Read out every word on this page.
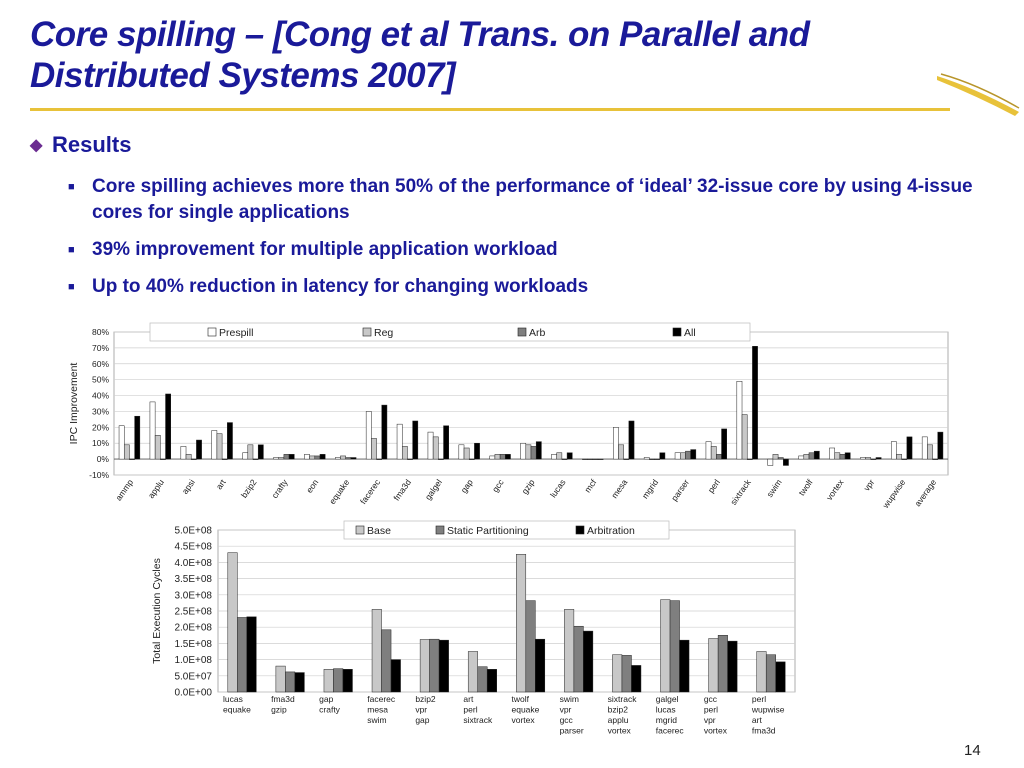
Core spilling – [Cong et al Trans. on Parallel and Distributed Systems 2007]
◆ Results
■ Core spilling achieves more than 50% of the performance of ‘ideal’ 32-issue core by using 4-issue cores for single applications
■ 39% improvement for multiple application workload
■ Up to 40% reduction in latency for changing workloads
-10%
0%
10%
20%
30%
40%
50%
60%
70%
80%
IPC Improvement
ammp applu apsi art bzip2 crafty eon equake facerec fma3d galgel gap gcc gzip lucas mcf mesa mgrid parser perl sixtrack swim twolf vortex vpr wupwise average
Prespill	Reg	Arb	All
0.0E+00
5.0E+07
1.0E+08
1.5E+08
2.0E+08
2.5E+08
3.0E+08
3.5E+08
4.0E+08
4.5E+08
5.0E+08
Total Execution Cycles
lucas
equake
fma3d
gzip
gap
crafty
facerec
mesa
swim
bzip2
vpr
gap
art
perl
sixtrack
twolf
equake
vortex
swim
vpr
gcc
parser
sixtrack
bzip2
applu
vortex
galgel
lucas
mgrid
facerec
gcc
perl
vpr
vortex
perl
wupwise
art
fma3d
Base	Static Partitioning	Arbitration
14
